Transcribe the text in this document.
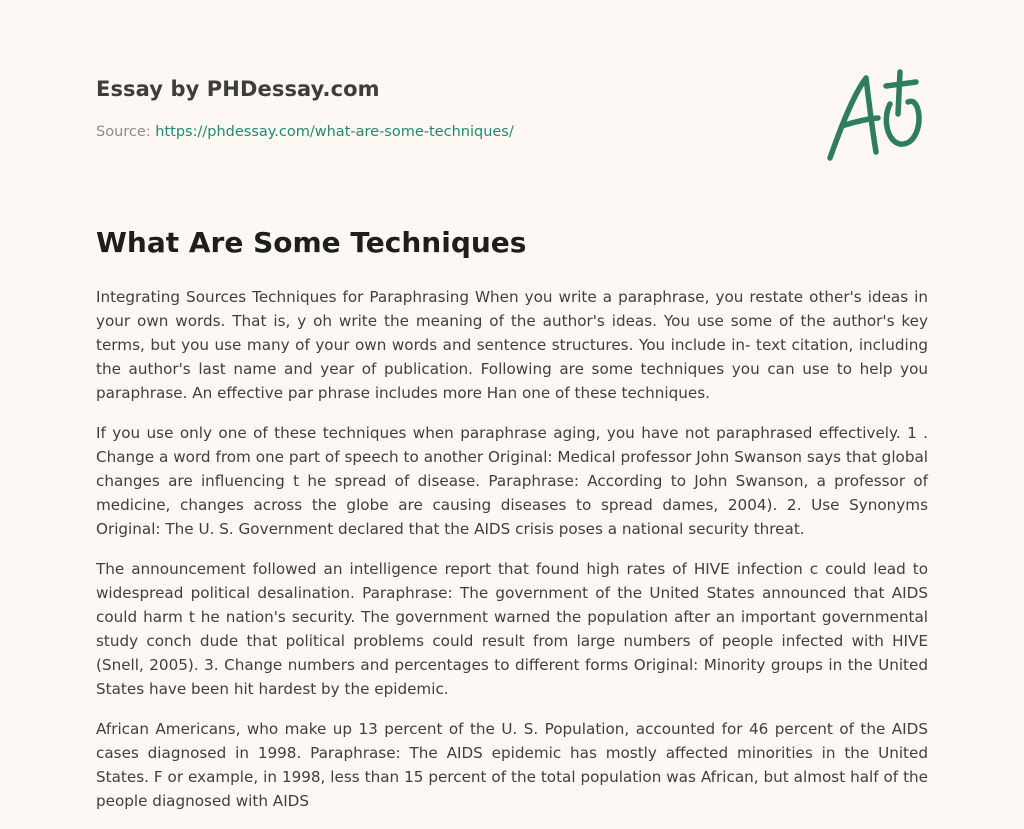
Essay by PHDessay.com
Source: https://phdessay.com/what-are-some-techniques/
What Are Some Techniques

Integrating Sources Techniques for Paraphrasing When you write a paraphrase, you restate other's ideas in your own words. That is, y oh write the meaning of the author's ideas. You use some of the author's key terms, but you use many of your own words and sentence structures. You include in- text citation, including the author's last name and year of publication. Following are some techniques you can use to help you paraphrase. An effective par phrase includes more Han one of these techniques.

If you use only one of these techniques when paraphrase aging, you have not paraphrased effectively. 1 . Change a word from one part of speech to another Original: Medical professor John Swanson says that global changes are influencing t he spread of disease. Paraphrase: According to John Swanson, a professor of medicine, changes across the globe are causing diseases to spread dames, 2004). 2. Use Synonyms Original: The U. S. Government declared that the AIDS crisis poses a national security threat.

The announcement followed an intelligence report that found high rates of HIVE infection c could lead to widespread political desalination. Paraphrase: The government of the United States announced that AIDS could harm t he nation's security. The government warned the population after an important governmental study conch dude that political problems could result from large numbers of people infected with HIVE (Snell, 2005). 3. Change numbers and percentages to different forms Original: Minority groups in the United States have been hit hardest by the epidemic.

African Americans, who make up 13 percent of the U. S. Population, accounted for 46 percent of the AIDS cases diagnosed in 1998. Paraphrase: The AIDS epidemic has mostly affected minorities in the United States. F or example, in 1998, less than 15 percent of the total population was African, but almost half of the people diagnosed with AIDS
